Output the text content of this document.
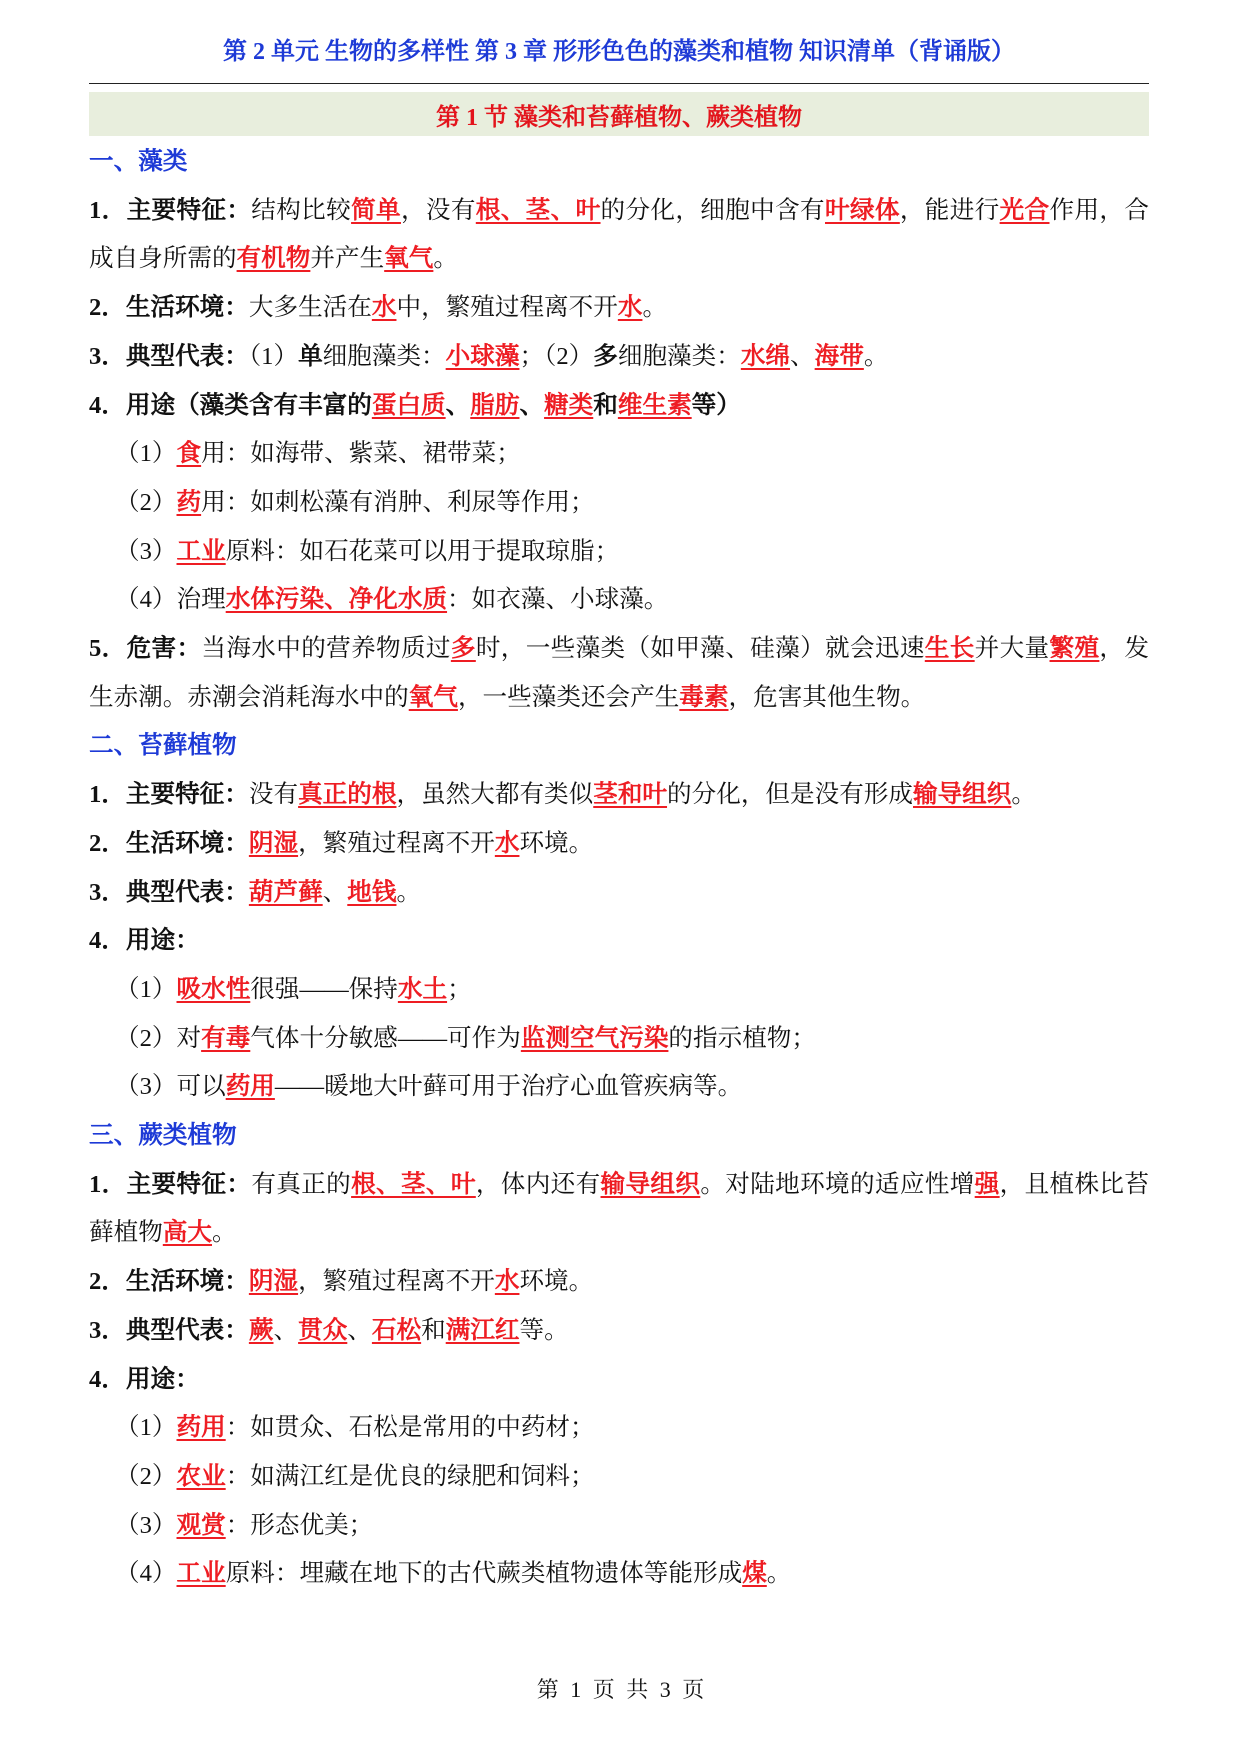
第 2 单元 生物的多样性 第 3 章 形形色色的藻类和植物 知识清单（背诵版）
第 1 节 藻类和苔藓植物、蕨类植物

一、藻类

1．主要特征：结构比较简单，没有根、茎、叶的分化，细胞中含有叶绿体，能进行光合作用，合成自身所需的有机物并产生氧气。

2．生活环境：大多生活在水中，繁殖过程离不开水。

3．典型代表：（1）单细胞藻类：小球藻；（2）多细胞藻类：水绵、海带。

4．用途（藻类含有丰富的蛋白质、脂肪、糖类和维生素等）

（1）食用：如海带、紫菜、裙带菜；

（2）药用：如刺松藻有消肿、利尿等作用；

（3）工业原料：如石花菜可以用于提取琼脂；

（4）治理水体污染、净化水质：如衣藻、小球藻。

5．危害：当海水中的营养物质过多时，一些藻类（如甲藻、硅藻）就会迅速生长并大量繁殖，发生赤潮。赤潮会消耗海水中的氧气，一些藻类还会产生毒素，危害其他生物。

二、苔藓植物

1．主要特征：没有真正的根，虽然大都有类似茎和叶的分化，但是没有形成输导组织。

2．生活环境：阴湿，繁殖过程离不开水环境。

3．典型代表：葫芦藓、地钱。

4．用途：

（1）吸水性很强——保持水土；

（2）对有毒气体十分敏感——可作为监测空气污染的指示植物；

（3）可以药用——暖地大叶藓可用于治疗心血管疾病等。

三、蕨类植物

1．主要特征：有真正的根、茎、叶，体内还有输导组织。对陆地环境的适应性增强，且植株比苔藓植物高大。

2．生活环境：阴湿，繁殖过程离不开水环境。

3．典型代表：蕨、贯众、石松和满江红等。

4．用途：

（1）药用：如贯众、石松是常用的中药材；

（2）农业：如满江红是优良的绿肥和饲料；

（3）观赏：形态优美；

（4）工业原料：埋藏在地下的古代蕨类植物遗体等能形成煤。

第 1 页 共 3 页
